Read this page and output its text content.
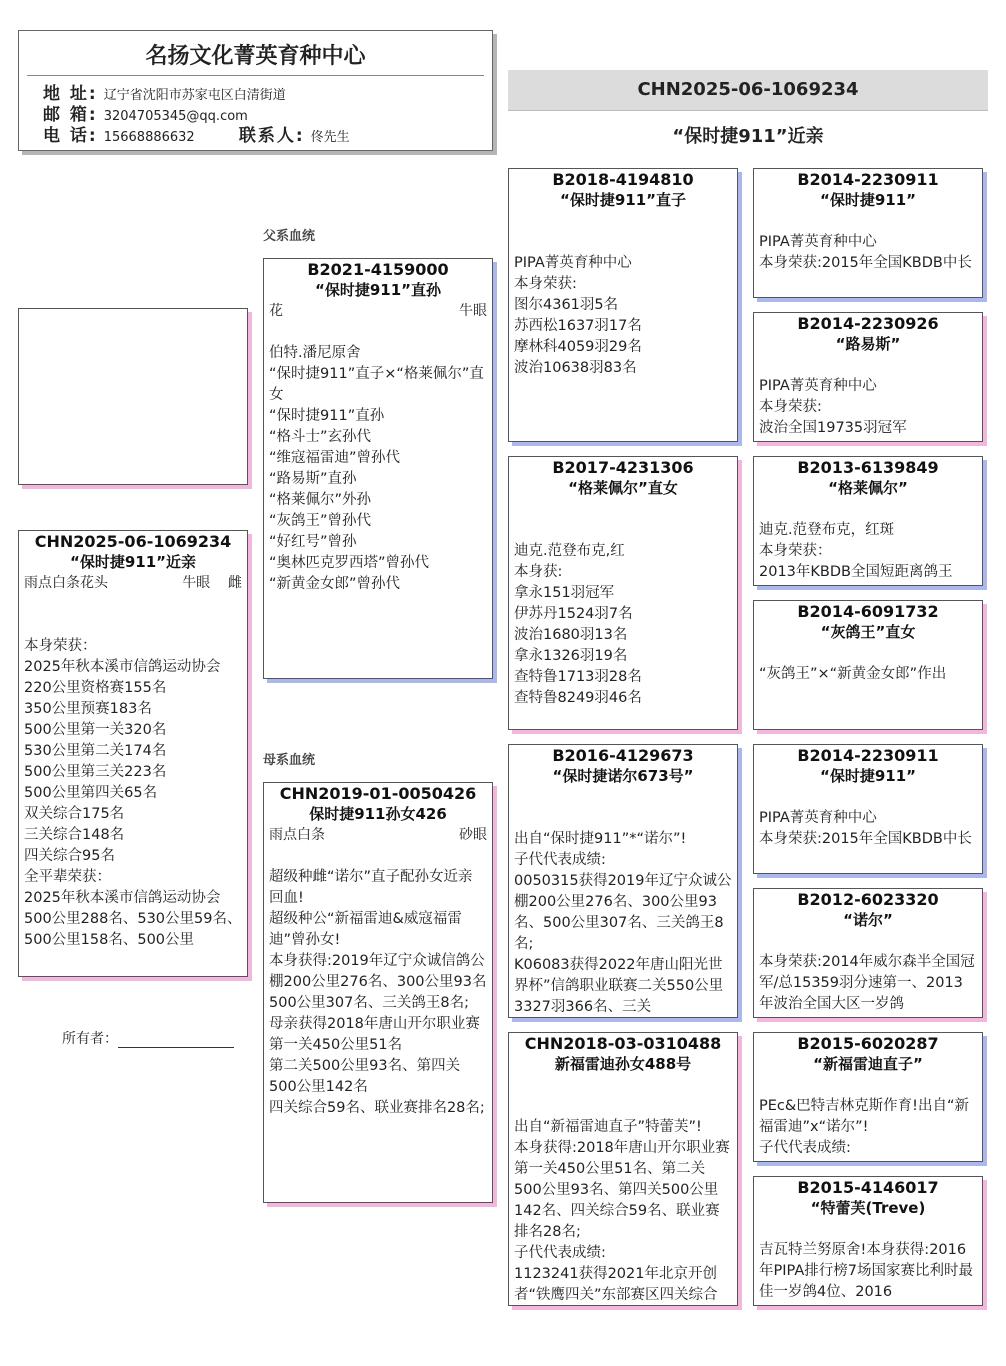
名扬文化菁英育种中心
地 址: 辽宁省沈阳市苏家屯区白清街道
邮 箱: 3204705345@qq.com
电 话: 15668886632	联系人: 佟先生
CHN2025-06-1069234
“保时捷911”近亲
CHN2025-06-1069234
“保时捷911”近亲
雨点白条花头	牛眼 雌
本身荣获：
2025年秋本溪市信鸽运动协会
220公里资格赛155名
350公里预赛183名
500公里第一关320名
530公里第二关174名
500公里第三关223名
500公里第四关65名
双关综合175名
三关综合148名
四关综合95名
全平辈荣获：
2025年秋本溪市信鸽运动协会
500公里288名、530公里59名、500公里158名、500公里
所有者：
父系血统
母系血统
B2021-4159000
“保时捷911”直孙
花	牛眼
伯特.潘尼原舍
“保时捷911”直子×“格莱佩尔”直女
“保时捷911”直孙
“格斗士”玄孙代
“维寇福雷迪”曾孙代
“路易斯”直孙
“格莱佩尔”外孙
“灰鸽王”曾孙代
“好红号”曾孙
“奥林匹克罗西塔”曾孙代
“新黄金女郎”曾孙代
CHN2019-01-0050426
保时捷911孙女426
雨点白条	砂眼
超级种雌“诺尔”直子配孙女近亲回血!
超级种公“新福雷迪&威寇福雷迪”曾孙女!
本身获得:2019年辽宁众诚信鸽公棚200公里276名、300公里93名
500公里307名、三关鸽王8名;
母亲获得2018年唐山开尔职业赛第一关450公里51名
第二关500公里93名、第四关500公里142名
四关综合59名、联业赛排名28名;
B2018-4194810
“保时捷911”直子
PIPA菁英育种中心
本身荣获:
图尔4361羽5名
苏西松1637羽17名
摩林科4059羽29名
波治10638羽83名
B2017-4231306
“格莱佩尔”直女
迪克.范登布克,红
本身获:
拿永151羽冠军
伊苏丹1524羽7名
波治1680羽13名
拿永1326羽19名
查特鲁1713羽28名
查特鲁8249羽46名
B2016-4129673
“保时捷诺尔673号”
出自“保时捷911”*“诺尔”!
子代代表成绩:
0050315获得2019年辽宁众诚公棚200公里276名、300公里93名、500公里307名、三关鸽王8名;
K06083获得2022年唐山阳光世界杯”信鸽职业联赛二关550公里3327羽366名、三关
CHN2018-03-0310488
新福雷迪孙女488号
出自“新福雷迪直子”特蕾芙”!
本身获得:2018年唐山开尔职业赛第一关450公里51名、第二关500公里93名、第四关500公里142名、四关综合59名、联业赛排名28名;
子代代表成绩:
1123241获得2021年北京开创者“铁鹰四关”东部赛区四关综合
B2014-2230911
“保时捷911”
PIPA菁英育种中心
本身荣获:2015年全国KBDB中长
B2014-2230926
“路易斯”
PIPA菁英育种中心
本身荣获:
波治全国19735羽冠军
B2013-6139849
“格莱佩尔”
迪克.范登布克，红斑
本身荣获：
2013年KBDB全国短距离鸽王
B2014-6091732
“灰鸽王”直女
“灰鸽王”×“新黄金女郎”作出
B2014-2230911
“保时捷911”
PIPA菁英育种中心
本身荣获:2015年全国KBDB中长
B2012-6023320
“诺尔”
本身荣获:2014年威尔森半全国冠军/总15359羽分速第一、2013年波治全国大区一岁鸽
B2015-6020287
“新福雷迪直子”
PEc&巴特吉林克斯作育!出自“新福雷迪”x“诺尔”!
子代代表成绩:
B2015-4146017
“特蕾芙(Treve)
吉瓦特兰努原舍!本身获得:2016年PIPA排行榜7场国家赛比利时最佳一岁鸽4位、2016
